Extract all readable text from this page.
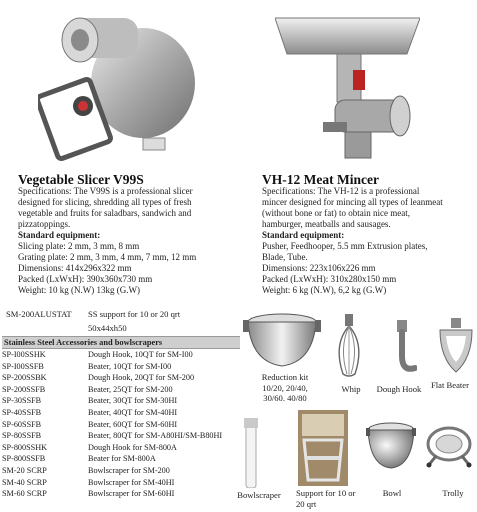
Vegetable Slicer V99S
Specifications: The V99S is a professional slicer
designed for slicing, shredding all types of fresh
vegetable and fruits for saladbars, sandwich and
pizzatoppings.
Standard equipment:
Slicing plate: 2 mm, 3 mm, 8 mm
Grating plate: 2 mm, 3 mm, 4 mm, 7 mm, 12 mm
Dimensions: 414x296x322 mm
Packed (LxWxH): 390x360x730 mm
Weight: 10 kg (N.W) 13kg (G.W)
VH-12 Meat Mincer
Specifications: The VH-12 is a professional
mincer designed for mincing all types of leanmeat
(without bone or fat) to obtain nice meat,
hamburger, meatballs and sausages.
Standard equipment:
Pusher, Feedhooper, 5.5 mm Extrusion plates,
Blade, Tube.
Dimensions: 223x106x226 mm
Packed (LxWxH): 310x280x150 mm
Weight: 6 kg (N.W), 6,2 kg (G.W)
SM-200ALUSTAT SS support for 10 or 20 qrt
50x44xh50
Stainless Steel Accessories and bowlscrapers
SP-I00SSHK	Dough Hook, 10QT for SM-I00
SP-I00SSFB	Beater, 10QT for SM-I00
SP-200SSBK	Dough Hook, 20QT for SM-200
SP-200SSFB	Beater, 25QT for SM-200
SP-30SSFB	Beater, 30QT for SM-30HI
SP-40SSFB	Beater, 40QT for SM-40HI
SP-60SSFB	Beater, 60QT for SM-60HI
SP-80SSFB	Beater, 80QT for SM-A80HI/SM-B80HI
SP-800SSHK	Dough Hook for SM-800A
SP-800SSFB	Beater for SM-800A
SM-20 SCRP	Bowlscraper for SM-200
SM-40 SCRP	Bowlscraper for SM-40HI
SM-60 SCRP	Bowlscraper for SM-60HI
Reduction kit
10/20, 20/40,
30/60. 40/80
Whip	Dough Hook	Flat Beater
Bowlscraper	Support for 10 or
20 qrt
Bowl	Trolly
